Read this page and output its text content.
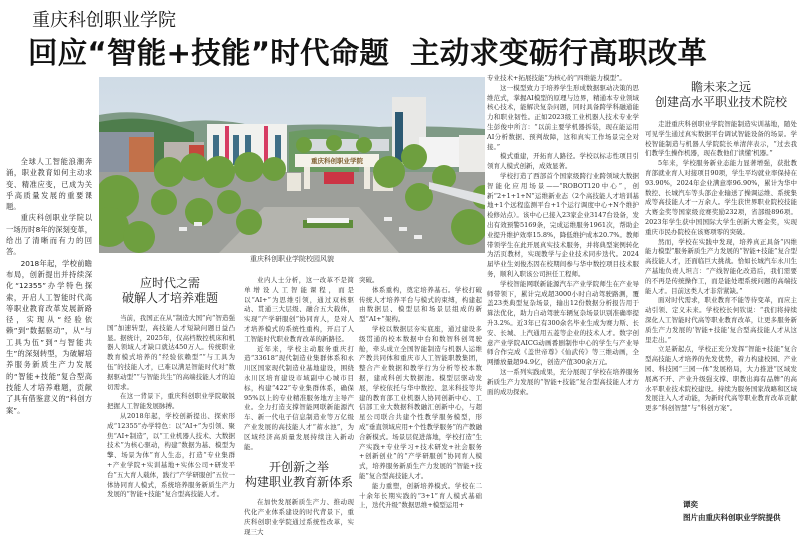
重庆科创职业学院
回应“智能+技能”时代命题  主动求变砺行高职改革

全球人工智能浪潮奔涌，职业教育如何主动求变、精准应变，已成为关乎高质量发展的重要课题。

重庆科创职业学院以一场历时8年的深刻变革，给出了清晰而有力的回答。

2018年起，学校前瞻布局，创新提出并持续深化“12355”办学特色探索，开启人工智能时代高等职业教育改革发展新路径，实现从“经验依赖”到“数据驱动”，从“与工具为伍”到“与智能共生”的深刻转型，为破解培养服务新质生产力发展的“智能+技能”复合型高技能人才培养难题，贡献了具有借鉴意义的“科创方案”。

重庆科创职业学院
重庆科创职业学院校园风貌
应时代之需
破解人才培养难题

当前，我国正在从“制造大国”向“智造强国”加速转型，高技能人才短缺问题日益凸显。据统计，2025年，仅高档数控机床和机器人领域人才缺口就达450万人。传统职业教育模式培养的“经验依赖型”“与工具为伍”的技能人才，已难以满足智能时代对“数据驱动型”“与智能共生”的高端技能人才的迫切需求。

在这一背景下，重庆科创职业学院敏锐把握人工智能发展脉搏。

从2018年起，学校创新提出、探索形成“12355”办学特色：以“AI+”为引领、聚焦“AI+制造”，以“工业机器人技术、大数据技术”为核心驱动，构建“数据为基、模型为擎、场景为体”育人生态，打造“专业集群+产业学院+实训基地+实体公司+研发平台”五大育人载体，践行“产学研服创”五位一体协同育人模式，系统培养服务新质生产力发展的“智能+技能”复合型高技能人才。

业内人士分析，这一改革不是简单增设人工智能课程，而是以“AI+”为思维引领，通过双核驱动、贯通三大层级、融合五大载体，实现“产学研服创”协同育人，是对人才培养模式的系统性重构，开启了人工智能时代职业教育改革的新路径。

近年来，学校主动服务重庆打造“33618”现代制造业集群体系和永川区国家现代制造业基地建设，围绕永川区培育建设市域副中心城市目标，构建“422”专业集群体系，确保95%以上的专业精准服务地方主导产业。全力打造支撑智能网联新能源汽车、新一代电子信息制造业等万亿级产业发展的高技能人才“蓄水池”，为区域经济高质量发展持续注入新动能。

开创新之举
构建职业教育新体系

在加快发展新质生产力、推动现代化产业体系建设的时代背景下，重庆科创职业学院通过系统性改革，实现三大

突破。

体系重构，奠定培养基石。学校打破传统人才培养平台与模式的束缚，构建起由数据层、模型层和场景层组成的新型“AI+”架构。

学校以数据层夯实底座，通过建设多级贯通的校本数据中台和数智科创驾驶舱，牵头成立全国智能制造与机器人运维产教共同体和重庆市人工智能职教集团，整合产业数据和教学行为分析等校本数据，建成科创大数据池。模型层驱动发展，学校依托与华中数控、忽米科技等共建的教育部工业机器人协同创新中心、工信部工业大数据科教融汇创新中心，与超星公司联合共建个性教学服务模型，形成“垂直领域应用+个性教学服务”的产教融合新模式。场景层促进落地，学校打造“生产实践+专业学习+技术研发+社会服务+创新创业”的“产学研服创”协同育人模式，培养服务新质生产力发展的“智能+技能”复合型高技能人才。

能力重塑，创新培养模式。学校在二十余年长期实践的“3+1”育人模式基础上，迭代升级“数据思维+模型运用+

专业技术+拓展技能”为核心的“四维能力模型”。

这一模型致力于培养学生形成数据驱动决策的思维范式，掌握AI模型的原理与边界，精通本专业领域核心技术，能解决复杂问题，同时具备跨学科融通能力和职业韧性。正如2023级工业机器人技术专业学生彭俊中所言：“以前主要学机器拆装，现在能运用AI分析数据、预判故障，这和真实工作场景完全对接。”

模式重建，开拓育人路径。学校以标志性项目引领育人模式创新，成效显著。

学校打造了西部首个国家级跨行业跨领域大数据智能化应用场景——“ROBOT120中心”，创新“2+1+1+N”运维新业态（2个高技能人才培训基地+1个远程监测平台+1个运行调度中心+N个维护检修站点）。该中心已接入23家企业3147台设备，发出有效预警5169条，完成运维服务1961次，帮助企业提升维护效率15.8%，降低维护成本20.7%。教师带领学生在此开展真实技术服务，并将典型案例转化为活页教材，实现教学与企业技术同步迭代。2024届毕业生刘俊杰因在校期间参与华中数控项目技术服务，顺利入职该公司担任工程师。

学校智能网联新能源汽车产业学院师生在产业导师带领下，累计完成超3000小时自动驾驶路测，覆盖23类典型复杂场景，输出12份数据分析报告用于算法优化，助力自动驾驶车辆复杂场景识别准确率提升3.2%。近3年已有300余名毕业生成为赛力斯、长安、长城、上汽通用五菱等企业的技术人才。数字创意产业学院AICG动画番剧制作中心的学生与产业导师合作完成《盖世帝尊》《仙武传》等三维动画，全网播放量超94.9亿，创造产值300余万元。

这一系列实践成果，充分展现了学校在培养服务新质生产力发展的“智能+技能”复合型高技能人才方面的成功探索。

瞻未来之远
创建高水平职业技术院校

走进重庆科创职业学院智能制造实训基地，随处可见学生通过真实数据平台调试智能设备的场景。学校智能制造与机器人学院院长单清萍表示，“过去我们教学生操作机器，现在教他们‘读懂’机器。”

5年来，学校服务新业态能力显著增强，获批教育部就业育人对接项目90项，学生平均就业率保持在93.90%，2024年企业满意率96.90%，累计为华中数控、长城汽车等头部企业输送了操调运维、系统集成等高技能人才一万余人。学生获世界职业院校技能大赛金奖等国家级竞赛奖励232项，省部级896项。2023年学生获中国国际大学生创新大赛金奖，实现重庆市民办院校在该赛项零的突破。

然而，学校在实践中发现，培养真正具备“四维能力模型”服务新质生产力发展的“智能+技能”复合型高技能人才，还面临巨大挑战。恰如长城汽车永川生产基地负责人坦言：“产线智能化改造后，我们需要的不再是传统操作工，而是能处理系统问题的高端技能人才。目前这类人才非常紧缺。”

面对时代需求，职业教育不能等待变革，而应主动引领、定义未来。学校校长何钦说：“我们将持续深化人工智能时代高等职业教育改革，让更多服务新质生产力发展的‘智能+技能’复合型高技能人才从这里走出。”

立足新起点，学校正充分发挥“智能+技能”复合型高技能人才培养的先发优势，着力构建校园、产业园、科技园“三园一体”发展格局，大力推进“区域发展离不开、产业升级强支撑、职教出海有品牌”的高水平职业技术院校建设。持续为服务国家战略和区域发展注入人才动能，为新时代高等职业教育改革贡献更多“科创智慧”与“科创方案”。

谭奕
图片由重庆科创职业学院提供
